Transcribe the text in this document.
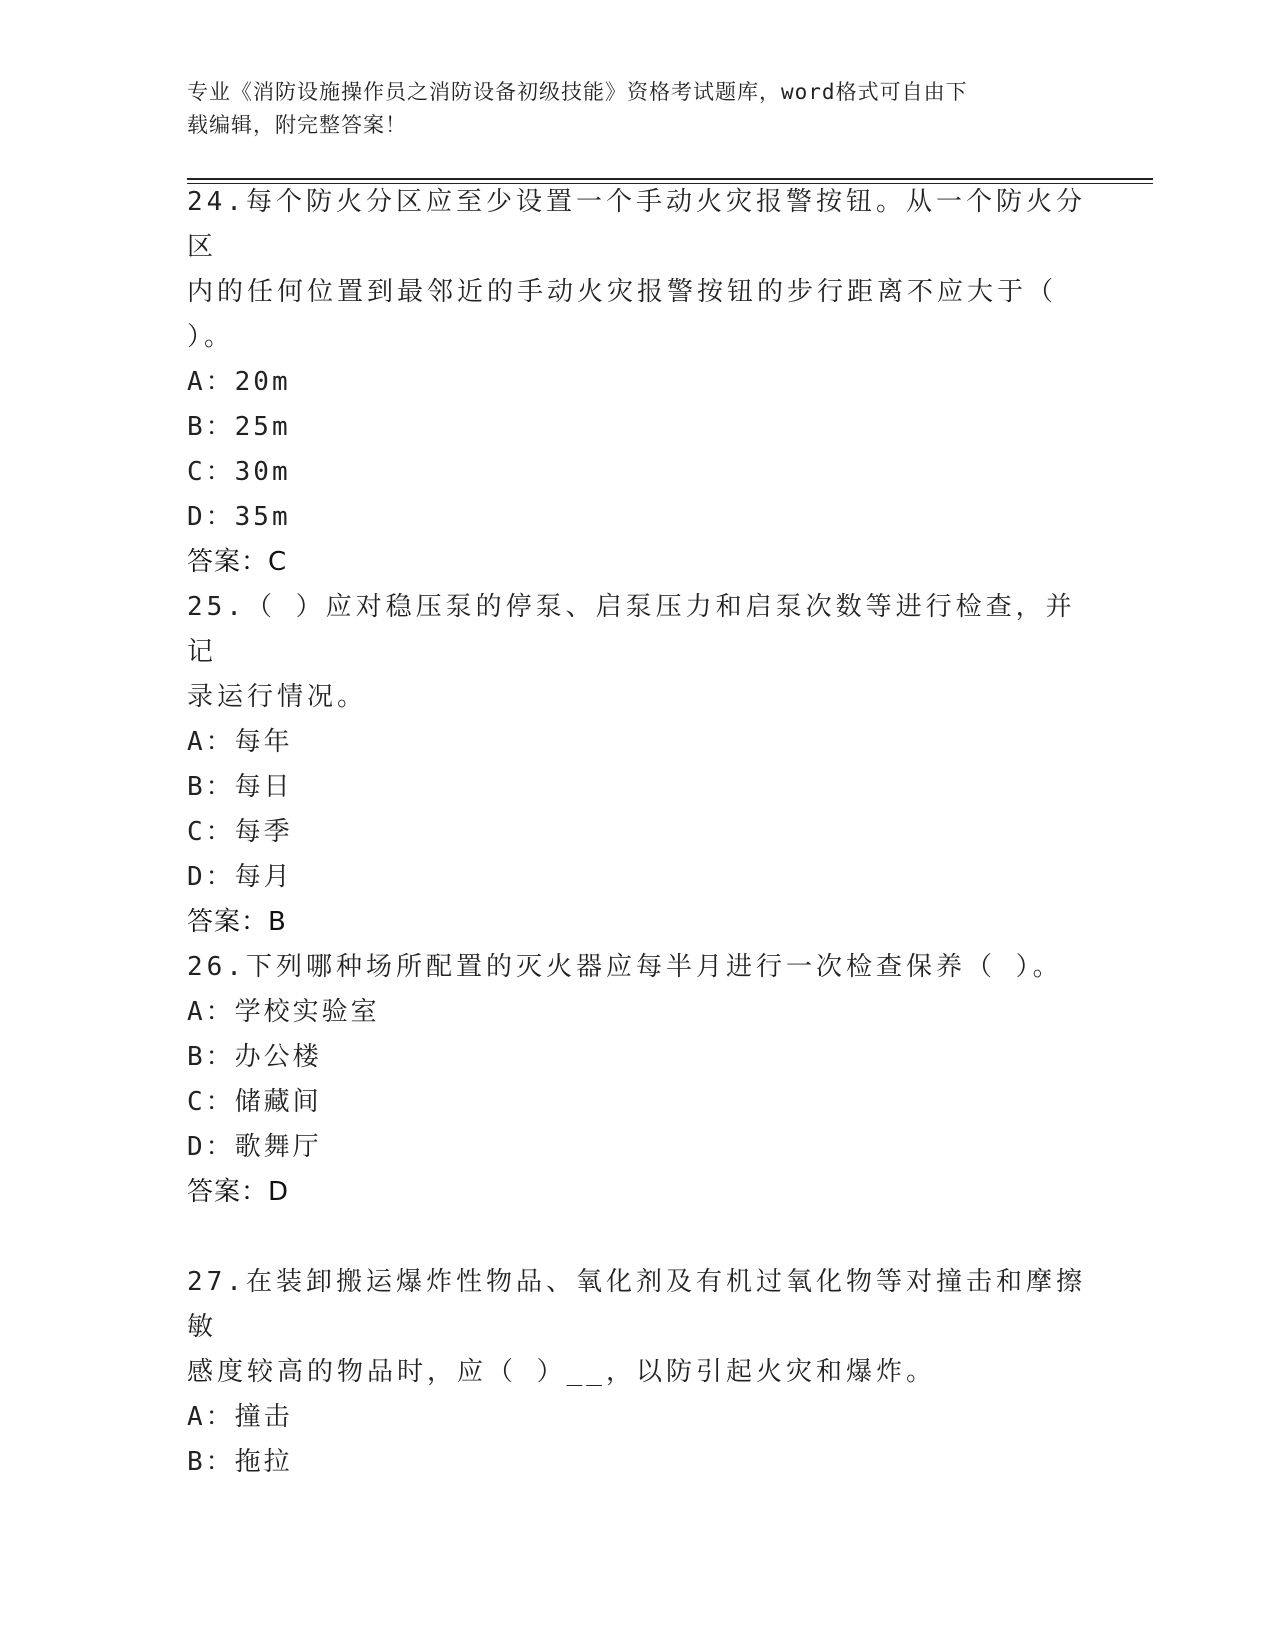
专业《消防设施操作员之消防设备初级技能》资格考试题库，word格式可自由下
载编辑，附完整答案！

24.每个防火分区应至少设置一个手动火灾报警按钮。从一个防火分区

内的任何位置到最邻近的手动火灾报警按钮的步行距离不应大于（

）。

A：20m

B：25m

C：30m

D：35m

答案：C

25.（ ）应对稳压泵的停泵、启泵压力和启泵次数等进行检查，并记

录运行情况。

A：每年

B：每日

C：每季

D：每月

答案：B

26.下列哪种场所配置的灭火器应每半月进行一次检查保养（ ）。

A：学校实验室

B：办公楼

C：储藏间

D：歌舞厅

答案：D

27.在装卸搬运爆炸性物品、氧化剂及有机过氧化物等对撞击和摩擦敏

感度较高的物品时，应（ ）__，以防引起火灾和爆炸。

A：撞击

B：拖拉
